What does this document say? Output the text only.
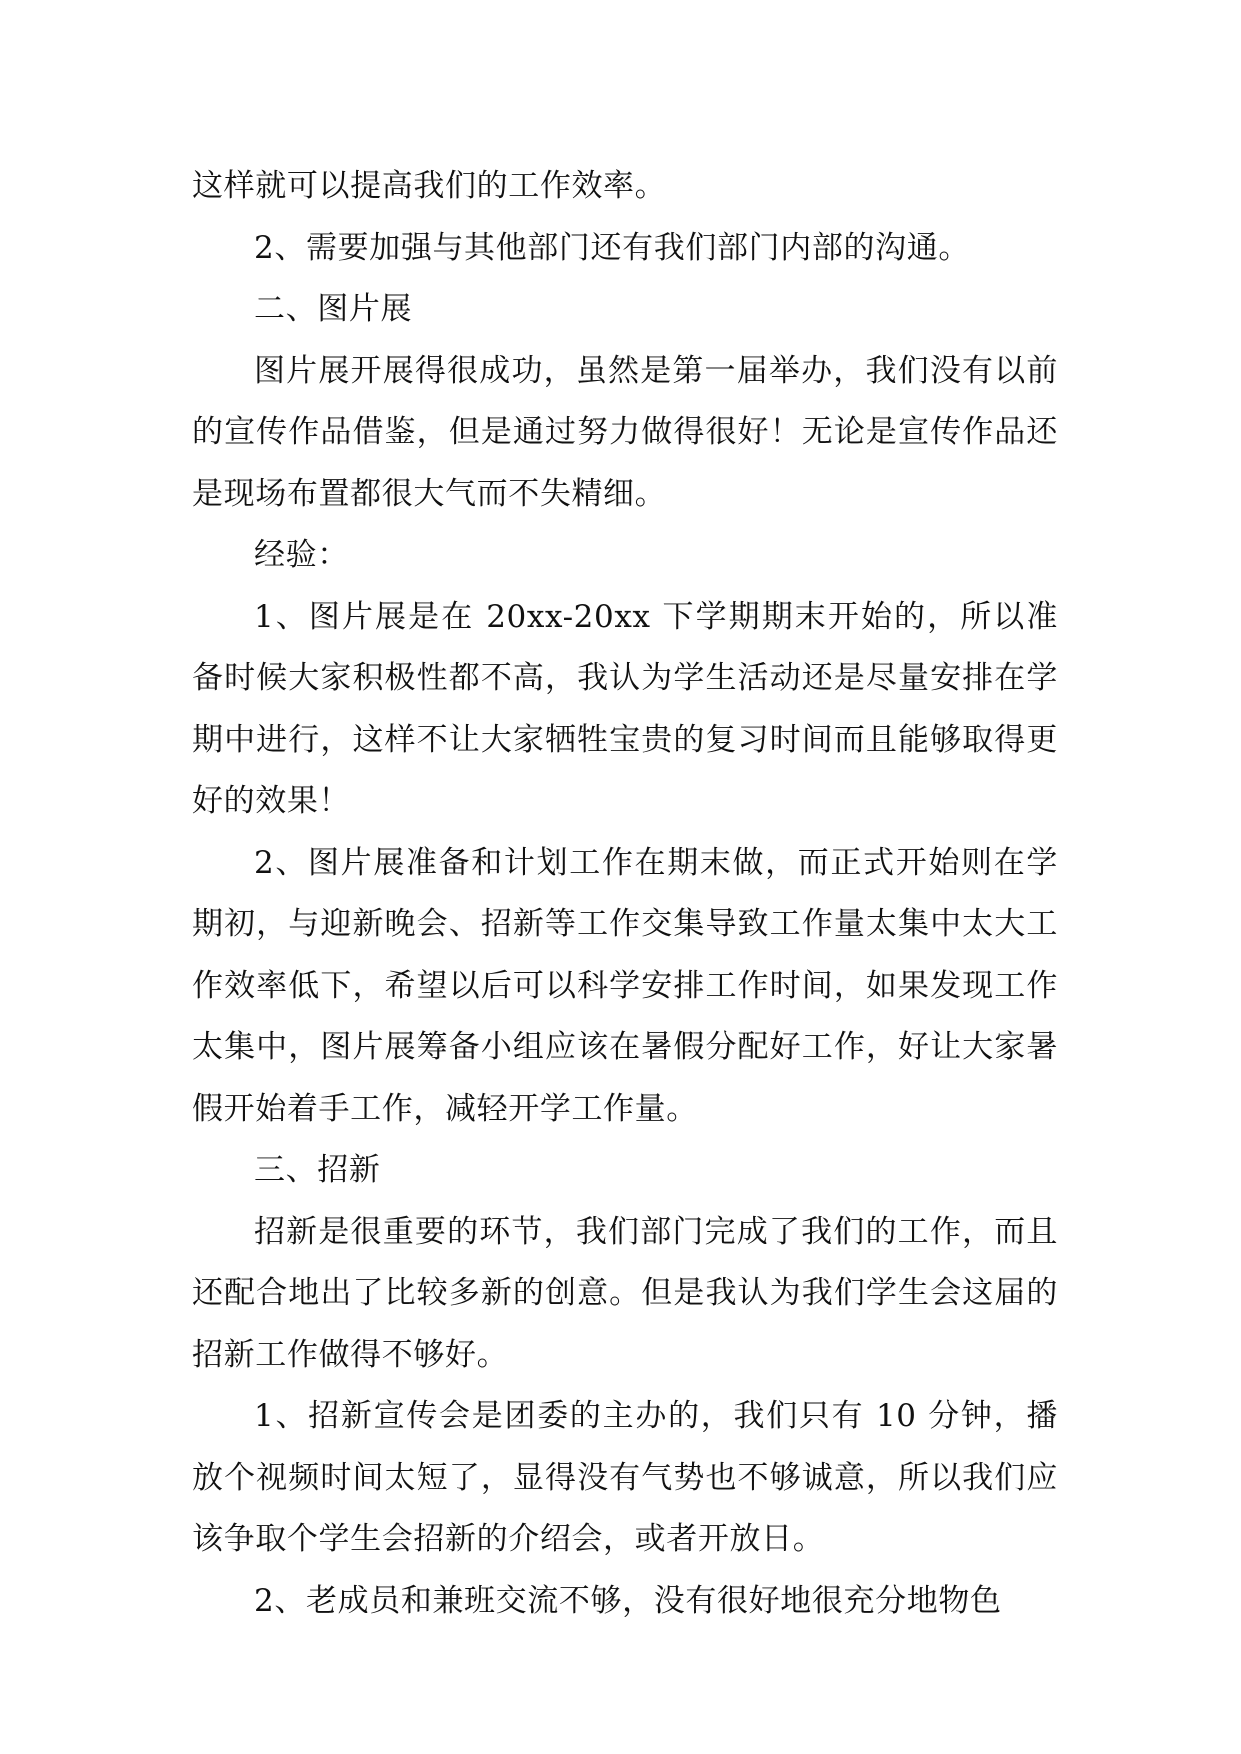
这样就可以提高我们的工作效率。

2、需要加强与其他部门还有我们部门内部的沟通。

二、图片展

图片展开展得很成功，虽然是第一届举办，我们没有以前的宣传作品借鉴，但是通过努力做得很好！无论是宣传作品还是现场布置都很大气而不失精细。

经验：

1、图片展是在 20xx-20xx 下学期期末开始的，所以准备时候大家积极性都不高，我认为学生活动还是尽量安排在学期中进行，这样不让大家牺牲宝贵的复习时间而且能够取得更好的效果！

2、图片展准备和计划工作在期末做，而正式开始则在学期初，与迎新晚会、招新等工作交集导致工作量太集中太大工作效率低下，希望以后可以科学安排工作时间，如果发现工作太集中，图片展筹备小组应该在暑假分配好工作，好让大家暑假开始着手工作，减轻开学工作量。

三、招新

招新是很重要的环节，我们部门完成了我们的工作，而且还配合地出了比较多新的创意。但是我认为我们学生会这届的招新工作做得不够好。

1、招新宣传会是团委的主办的，我们只有 10 分钟，播放个视频时间太短了，显得没有气势也不够诚意，所以我们应该争取个学生会招新的介绍会，或者开放日。

2、老成员和兼班交流不够，没有很好地很充分地物色
